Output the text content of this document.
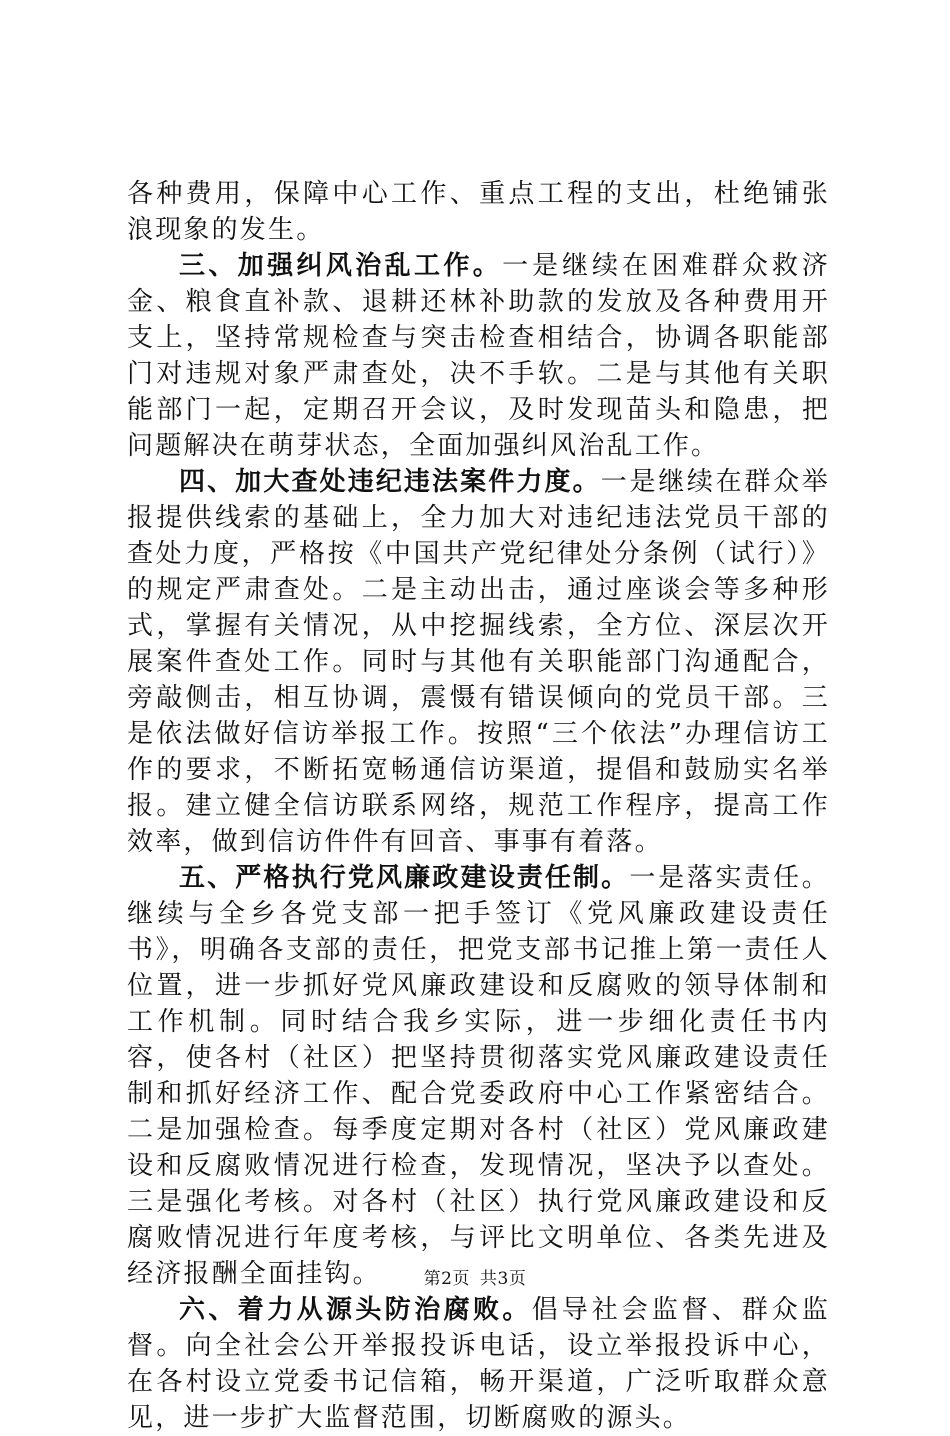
各种费用，保障中心工作、重点工程的支出，杜绝铺张浪现象的发生。

三、加强纠风治乱工作。一是继续在困难群众救济金、粮食直补款、退耕还林补助款的发放及各种费用开支上，坚持常规检查与突击检查相结合，协调各职能部门对违规对象严肃查处，决不手软。二是与其他有关职能部门一起，定期召开会议，及时发现苗头和隐患，把问题解决在萌芽状态，全面加强纠风治乱工作。

四、加大查处违纪违法案件力度。一是继续在群众举报提供线索的基础上，全力加大对违纪违法党员干部的查处力度，严格按《中国共产党纪律处分条例（试行）》的规定严肃查处。二是主动出击，通过座谈会等多种形式，掌握有关情况，从中挖掘线索，全方位、深层次开展案件查处工作。同时与其他有关职能部门沟通配合，旁敲侧击，相互协调，震慑有错误倾向的党员干部。三是依法做好信访举报工作。按照“三个依法”办理信访工作的要求，不断拓宽畅通信访渠道，提倡和鼓励实名举报。建立健全信访联系网络，规范工作程序，提高工作效率，做到信访件件有回音、事事有着落。

五、严格执行党风廉政建设责任制。一是落实责任。继续与全乡各党支部一把手签订《党风廉政建设责任书》，明确各支部的责任，把党支部书记推上第一责任人位置，进一步抓好党风廉政建设和反腐败的领导体制和工作机制。同时结合我乡实际，进一步细化责任书内容，使各村（社区）把坚持贯彻落实党风廉政建设责任制和抓好经济工作、配合党委政府中心工作紧密结合。二是加强检查。每季度定期对各村（社区）党风廉政建设和反腐败情况进行检查，发现情况，坚决予以查处。三是强化考核。对各村（社区）执行党风廉政建设和反腐败情况进行年度考核，与评比文明单位、各类先进及经济报酬全面挂钩。

六、着力从源头防治腐败。倡导社会监督、群众监督。向全社会公开举报投诉电话，设立举报投诉中心，在各村设立党委书记信箱，畅开渠道，广泛听取群众意见，进一步扩大监督范围，切断腐败的源头。

第2页 共3页
